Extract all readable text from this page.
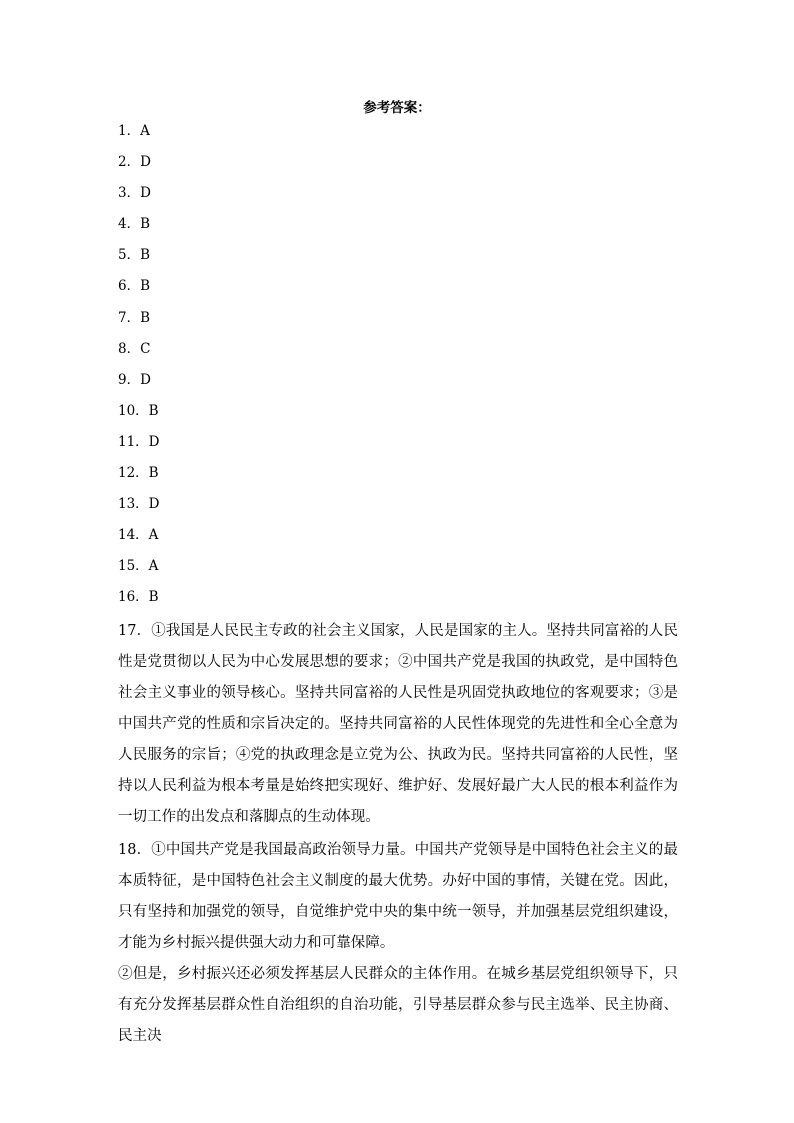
参考答案：
1．A
2．D
3．D
4．B
5．B
6．B
7．B
8．C
9．D
10．B
11．D
12．B
13．D
14．A
15．A
16．B

17．①我国是人民民主专政的社会主义国家，人民是国家的主人。坚持共同富裕的人民性是党贯彻以人民为中心发展思想的要求；②中国共产党是我国的执政党，是中国特色社会主义事业的领导核心。坚持共同富裕的人民性是巩固党执政地位的客观要求；③是中国共产党的性质和宗旨决定的。坚持共同富裕的人民性体现党的先进性和全心全意为人民服务的宗旨；④党的执政理念是立党为公、执政为民。坚持共同富裕的人民性，坚持以人民利益为根本考量是始终把实现好、维护好、发展好最广大人民的根本利益作为一切工作的出发点和落脚点的生动体现。

18．①中国共产党是我国最高政治领导力量。中国共产党领导是中国特色社会主义的最本质特征，是中国特色社会主义制度的最大优势。办好中国的事情，关键在党。因此，只有坚持和加强党的领导，自觉维护党中央的集中统一领导，并加强基层党组织建设，才能为乡村振兴提供强大动力和可靠保障。

②但是，乡村振兴还必须发挥基层人民群众的主体作用。在城乡基层党组织领导下，只有充分发挥基层群众性自治组织的自治功能，引导基层群众参与民主选举、民主协商、民主决
